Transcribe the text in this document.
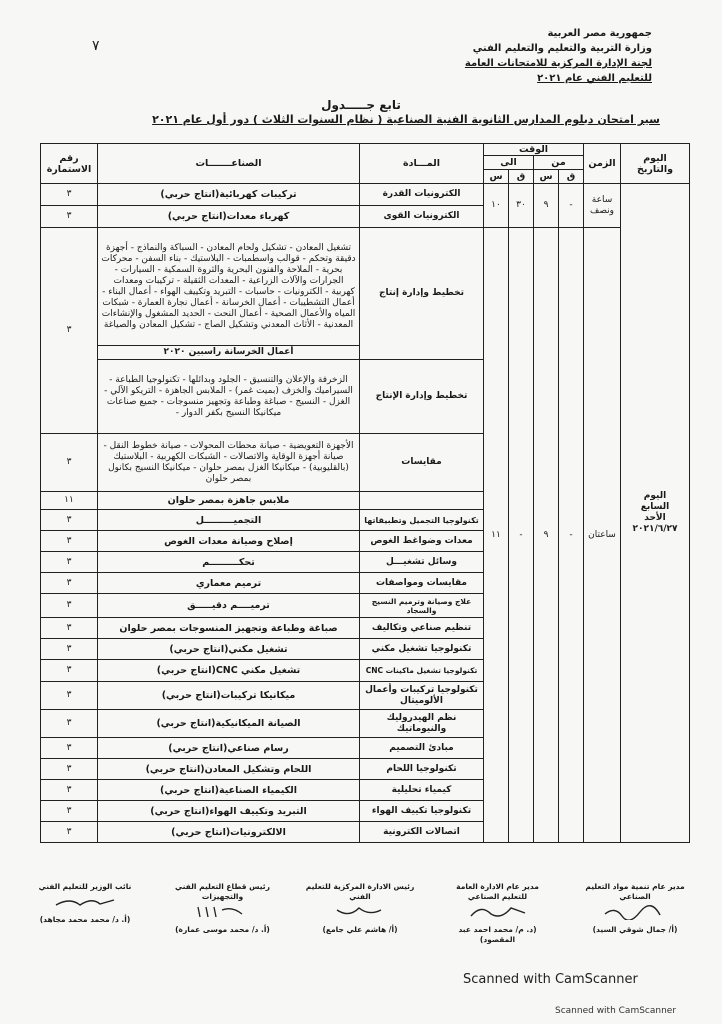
٧
جمهورية مصر العربية
وزارة التربية والتعليم والتعليم الفني
لجنة الإدارة المركزية للامتحانات العامة
للتعليم الفني عام ٢٠٢١
تابع جـــــدول
سير امتحان دبلوم المدارس الثانوية الفنية الصناعية ( نظام السنوات الثلاث ) دور أول عام ٢٠٢١
اليوم والتاريخ	الزمن	الوقت				المـــادة	الصناعـــــــات	رقم الاستمارة
		من		الى				
		ق	س	ق	س			

اليوم
السابع
الأحد
٢٠٢١/٦/٢٧	ساعة ونصف	-	٩	٣٠	١٠	الكترونيات القدرة	تركيبات كهربائية(انتاج حربي)	٣
						الكترونيات القوى	كهرباء معدات(انتاج حربي)	٣
	ساعتان	-	٩	-	١١	تخطيط وإدارة إنتاج	تشغيل المعادن - تشكيل ولحام المعادن - السباكة والنماذج - أجهزة دقيقة وتحكم - قوالب واسطمبات - البلاستيك - بناء السفن - محركات بحرية - الملاحة والفنون البحرية والثروة السمكية - السيارات - الجرارات والآلات الزراعية - المعدات الثقيلة - تركيبات ومعدات كهربية - الكترونيات - حاسبات - التبريد وتكييف الهواء - أعمال البناء - أعمال التشطيبات - أعمال الخرسانة - أعمال نجارة العمارة - شبكات المياه والأعمال الصحية - أعمال النحت - الحديد المشغول والإنشاءات المعدنية - الأثاث المعدني وتشكيل الصاج - تشكيل المعادن والصياغة	٣
							أعمال الخرسانة راسبين ٢٠٢٠	
						تخطيط وإدارة الإنتاج	الزخرفة والإعلان والتنسيق - الجلود وبدائلها - تكنولوجيا الطباعة - السيراميك والخزف (بميت غمر) - الملابس الجاهزة - التريكو الآلي - الغزل - النسيج - صباغة وطباعة وتجهيز منسوجات - جميع صناعات ميكانيكا النسيج بكفر الدوار -	
						مقايسات	الأجهزة التعويضية - صيانة محطات المحولات - صيانة خطوط النقل - صيانة أجهزة الوقاية والاتصالات - الشبكات الكهربية - البلاستيك (بالقليوبية) - ميكانيكا الغزل بمصر حلوان - ميكانيكا النسيج بكانول بمصر حلوان	٣
							ملابس جاهزة بمصر حلوان	١١
						تكنولوجيا التجميل وتطبيقاتها	التجميـــــــــل	٣
						معدات وضواغط الغوص	إصلاح وصيانة معدات الغوص	٣
						وسائل تشغيـــل	تحكـــــــــم	٣
						مقايسات ومواصفات	ترميم معماري	٣
						علاج وصيانة وترميم النسيج والسجاد	ترميــــم دقيـــــق	٣
						تنظيم صناعي وتكاليف	صباغة وطباعة وتجهيز المنسوجات بمصر حلوان	٣
						تكنولوجيا تشغيل مكني	تشغيل مكني(انتاج حربي)	٣
						تكنولوجيا تشغيل ماكينات CNC	تشغيل مكني CNC(انتاج حربي)	٣
						تكنولوجيا تركيبات وأعمال الألوميتال	ميكانيكا تركيبات(انتاج حربي)	٣
						نظم الهيدروليك والنيوماتيك	الصيانة الميكانيكية(انتاج حربي)	٣
						مبادئ التصميم	رسام صناعي(انتاج حربي)	٣
						تكنولوجيا اللحام	اللحام وتشكيل المعادن(انتاج حربي)	٣
						كيمياء تحليلية	الكيمياء الصناعية(انتاج حربي)	٣
						تكنولوجيا تكييف الهواء	التبريد وتكييف الهواء(انتاج حربي)	٣
						اتصالات الكترونية	الالكترونيات(انتاج حربي)	٣
مدير عام تنمية مواد التعليم الصناعي
(أ/ جمال شوقي السيد)
مدير عام الادارة العامة للتعليم الصناعي
(د. م/ محمد احمد عبد المقصود)
رئيس الادارة المركزية للتعليم الفني
(أ/ هاشم علي جامع)
رئيس قطاع التعليم الفني والتجهيزات
(أ. د/ محمد موسى عمارة)
نائب الوزير للتعليم الفني
(أ. د/ محمد محمد مجاهد)
Scanned with CamScanner
Scanned with CamScanner
